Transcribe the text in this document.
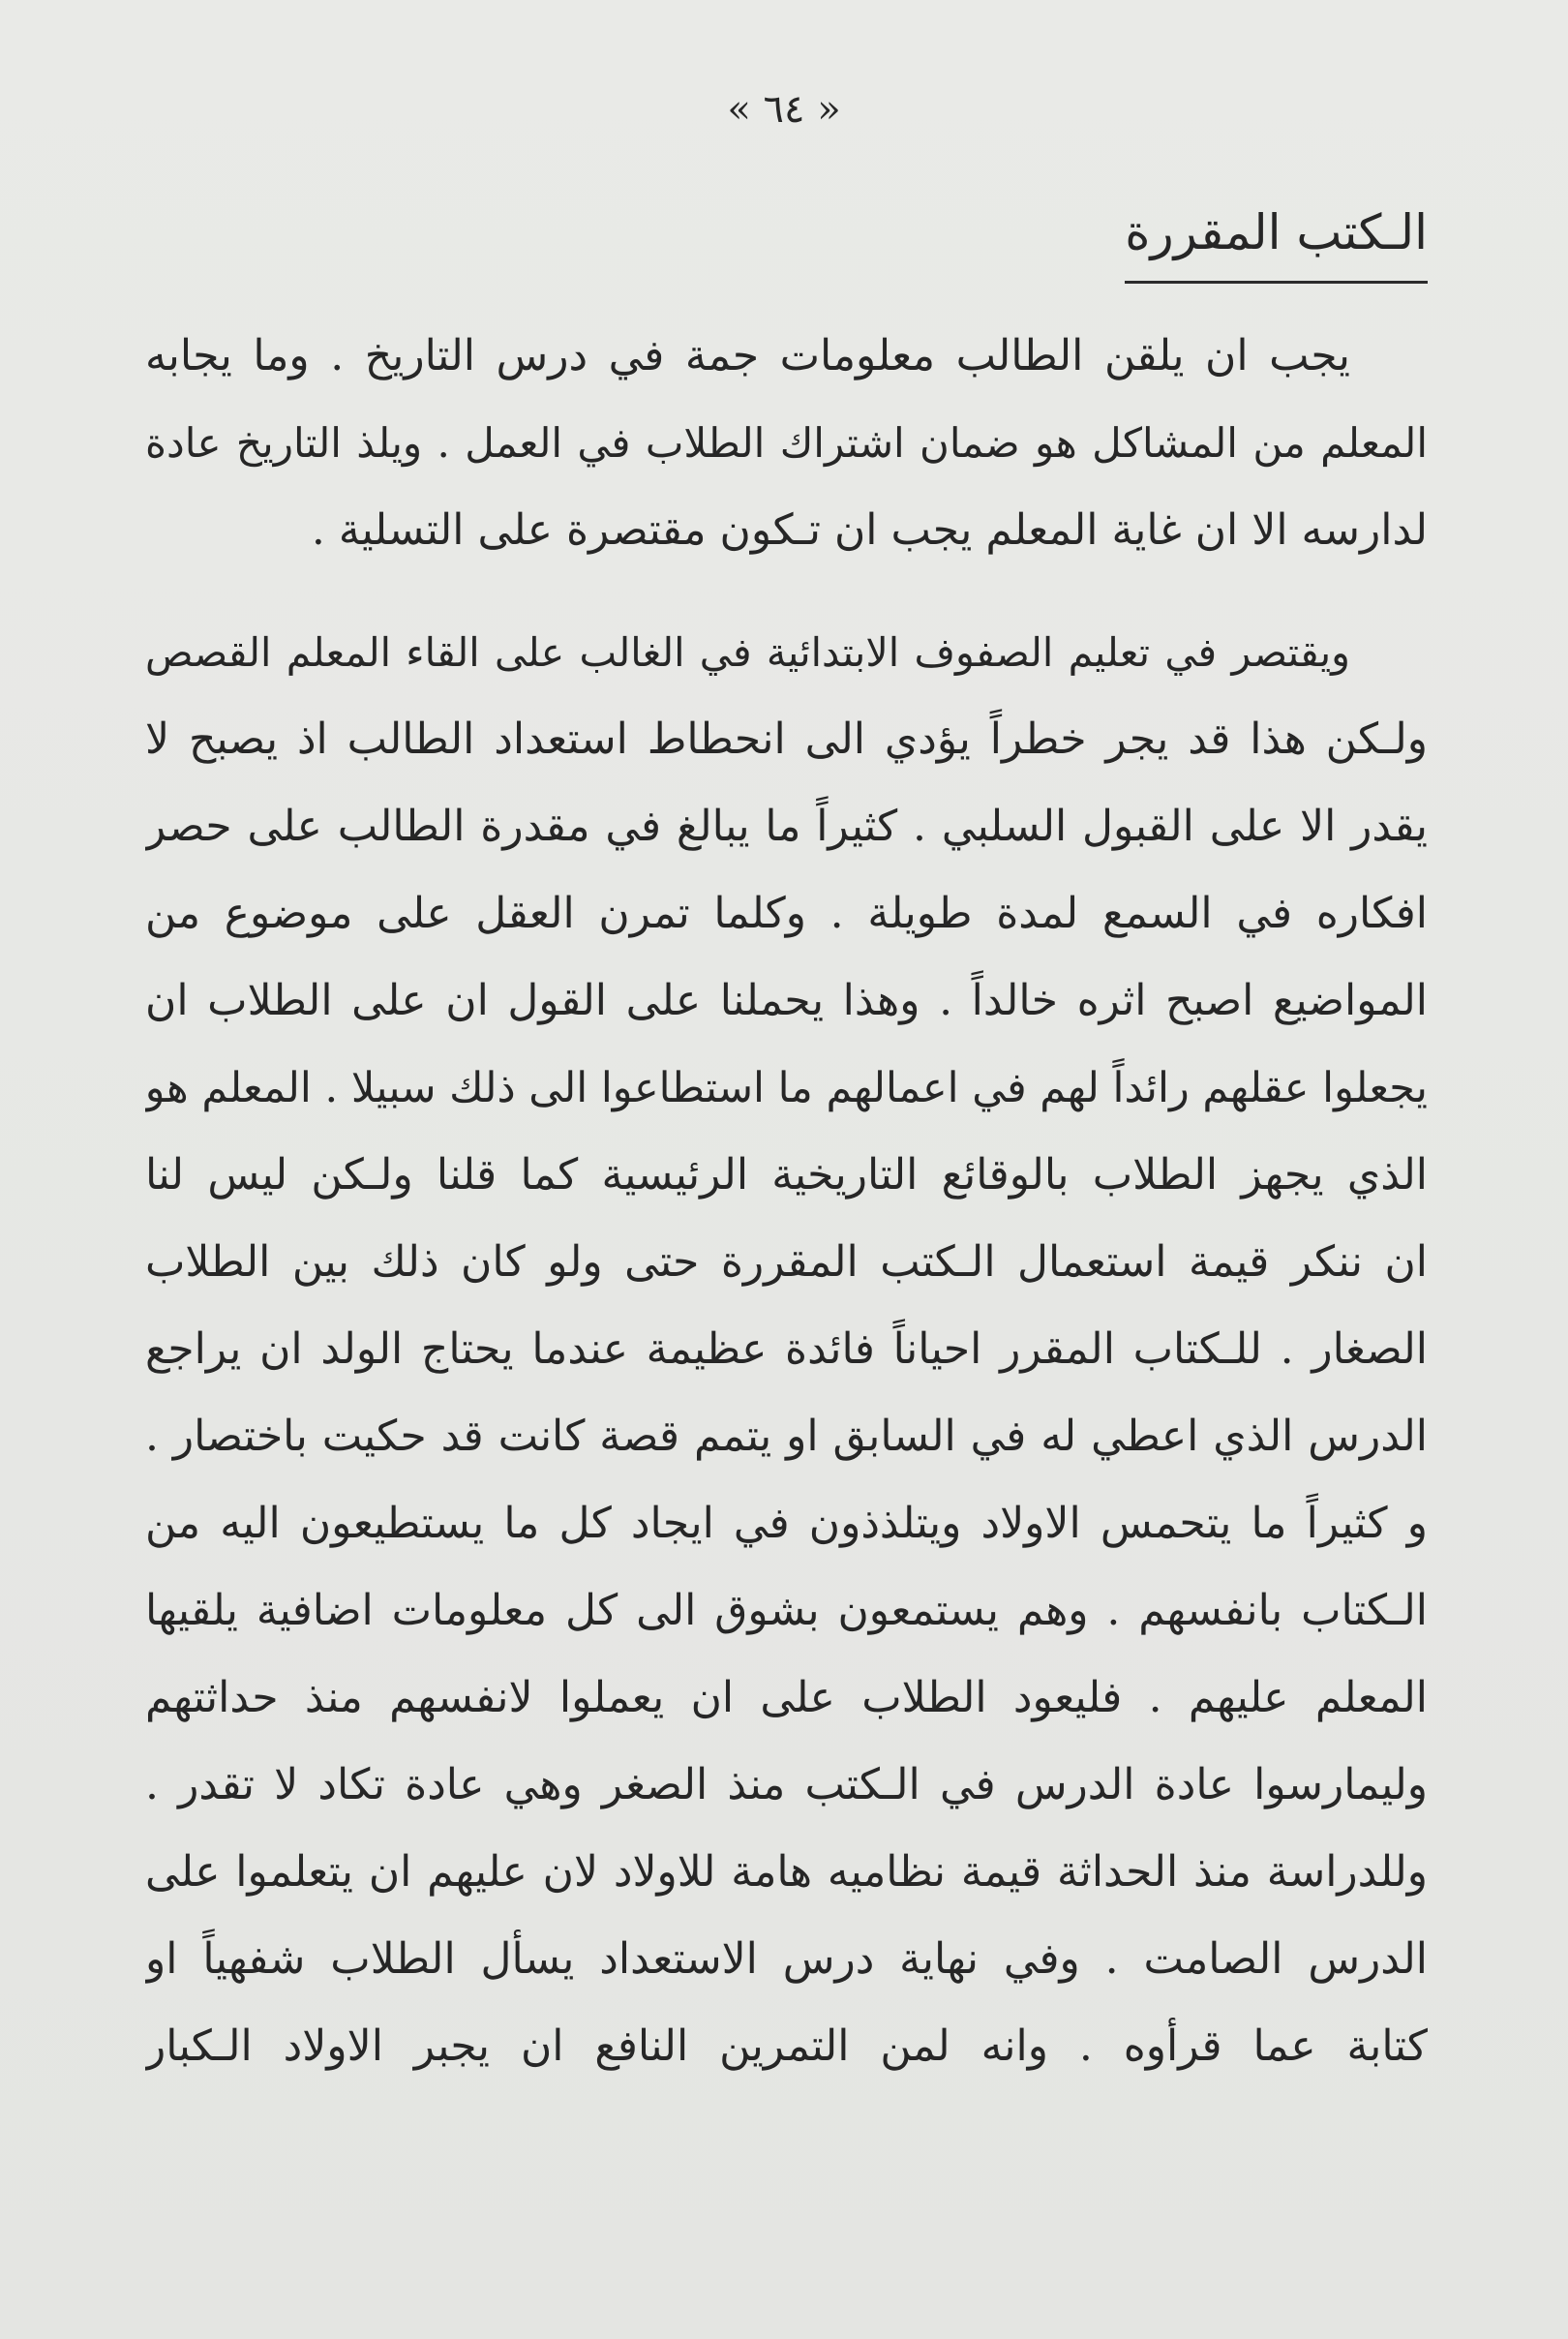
« ٦٤ »
الـكتب المقررة
يجب ان يلقن الطالب معلومات جمة في درس التاريخ . وما يجابه
المعلم من المشاكل هو ضمان اشتراك الطلاب في العمل . ويلذ التاريخ عادة
لدارسه الا ان غاية المعلم يجب ان تـكون مقتصرة على التسلية .
ويقتصر في تعليم الصفوف الابتدائية في الغالب على القاء المعلم القصص
ولـكن هذا قد يجر خطراً يؤدي الى انحطاط استعداد الطالب اذ يصبح لا
يقدر الا على القبول السلبي . كثيراً ما يبالغ في مقدرة الطالب على حصر
افكاره في السمع لمدة طويلة . وكلما تمرن العقل على موضوع من
المواضيع اصبح اثره خالداً . وهذا يحملنا على القول ان على الطلاب ان
يجعلوا عقلهم رائداً لهم في اعمالهم ما استطاعوا الى ذلك سبيلا . المعلم هو
الذي يجهز الطلاب بالوقائع التاريخية الرئيسية كما قلنا ولـكن ليس لنا
ان ننكر قيمة استعمال الـكتب المقررة حتى ولو كان ذلك بين الطلاب
الصغار . للـكتاب المقرر احياناً فائدة عظيمة عندما يحتاج الولد ان يراجع
الدرس الذي اعطي له في السابق او يتمم قصة كانت قد حكيت باختصار .
و كثيراً ما يتحمس الاولاد ويتلذذون في ايجاد كل ما يستطيعون اليه من
الـكتاب بانفسهم . وهم يستمعون بشوق الى كل معلومات اضافية يلقيها
المعلم عليهم . فليعود الطلاب على ان يعملوا لانفسهم منذ حداثتهم
وليمارسوا عادة الدرس في الـكتب منذ الصغر وهي عادة تكاد لا تقدر .
وللدراسة منذ الحداثة قيمة نظاميه هامة للاولاد لان عليهم ان يتعلموا على
الدرس الصامت . وفي نهاية درس الاستعداد يسأل الطلاب شفهياً او
كتابة عما قرأوه . وانه لمن التمرين النافع ان يجبر الاولاد الـكبار
